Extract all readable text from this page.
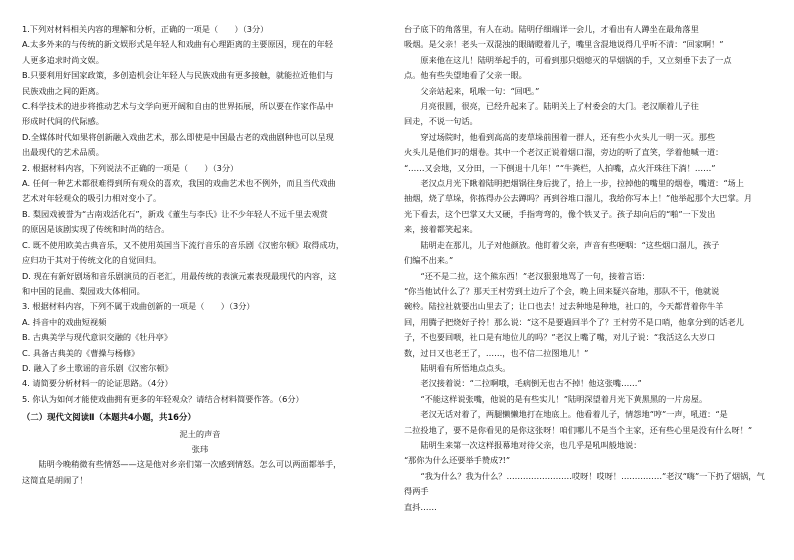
1.下列对材料相关内容的理解和分析，正确的一项是（　　）（3分）

A.太多外来的与传统的新文娱形式是年轻人和戏曲有心理距离的主要原因，现在的年轻

人更多追求时尚文娱。

B.只要利用好国家政策，多创造机会让年轻人与民族戏曲有更多接触，就能拉近他们与

民族戏曲之间的距离。

C.科学技术的进步将推动艺术与文学向更开阔和自由的世界拓展，所以要在作家作品中

形成时代间的代际感。

D.全媒体时代如果将创新融入戏曲艺术，那么即使是中国最古老的戏曲剧种也可以呈现

出最现代的艺术品质。

2. 根据材料内容，下列说法不正确的一项是（　　）（3分）

A. 任何一种艺术都很难得到所有观众的喜欢，我国的戏曲艺术也不例外，而且当代戏曲

艺术对年轻观众的吸引力相对变小了。

B. 梨园戏被誉为“古南戏活化石”，新戏《董生与李氏》让不少年轻人不远千里去观赏

的原因是该剧实现了传统和时尚的结合。

C. 既不使用欧美古典音乐，又不使用英国当下流行音乐的音乐剧《汉密尔顿》取得成功，

应归功于其对于传统文化的自觉回归。

D. 现在有新好剧场和音乐剧演员的百老汇，用最传统的表演元素表现最现代的内容，这

和中国的昆曲、梨园戏大体相同。

3. 根据材料内容，下列不属于戏曲创新的一项是（　　）（3分）

A. 抖音中的戏曲短视频

B. 古典美学与现代意识交融的《牡丹亭》

C. 具备古典美的《曹操与杨修》

D. 融入了乡土歌谣的音乐剧《汉密尔顿》

4. 请简要分析材料一的论证思路。（4分）

5. 你认为如何才能使戏曲拥有更多的年轻观众？请结合材料简要作答。（6分）

（二）现代文阅读Ⅱ（本题共4小题，共16分）

泥土的声音

张玮

陆明今晚稍微有些情怒——这是他对乡亲们第一次感到情怒。怎么可以两面都举手，

这简直是胡闹了！

台子底下的角落里，有人在动。陆明仔细端详一会儿，才看出有人蹲坐在最角落里

吸烟。是父亲！老头一双混浊的眼睛瞪着儿子，嘴里含混地说得几乎听不清：“回家啊！”

原来他在这儿！陆明举起手的，可看到那只烟熄灭的旱烟锅的手，又立刻垂下去了一点

点。他有些失望地看了父亲一眼。

父亲站起来，吼喉一句：“回吧。”

月亮很圆，很亮，已经升起来了。陆明关上了村委会的大门。老汉顺着儿子往

回走，不说一句话。

穿过场院时，他看到高高的麦草垛前围着一群人，还有些小火头儿一明一灭。那些

火头儿是他们叼的烟卷。其中一个老汉正说着烟口溜，旁边的听了直笑，学着他喊一道：

“……又会地，又分田，一下倒退十几年！”“牛粪栏，人拍嘴，点火汗珠往下淌！……”

老汉点月光下瞅着陆明把烟锅往身后拢了，拾上一步，拉掉他的嘴里的烟卷，嘴道：“场上

抽烟，烧了草垛，你拣得办公去蹲吗？再到谷堆口溜儿，我给你写本上！”他举起那个大巴掌。月

光下看去，这个巴掌又大又硬，手指弯弯的，像个铁叉子。孩子却向后的“啪”一下发出

来，接着都笑起来。

陆明走在那儿，儿子对他颜放。他盯着父亲，声音有些哽咽：“这些烟口溜儿，孩子

们编不出来。”

“还不是二拉，这个熊东西！”老汉狠狠地骂了一句，接着言语：

“你当他试什么了？那天王村劳到土边斤了个会，晚上回来疑兴奋地，那队不干，他就说

碗柃。陆拉社就要出山里去了；让口也去！过去种地是种地，社口的，今天都背着你牛羊

回，用腾子把烧好子拎！那么说：“这不是要過回半个了？王村劳不是口哨，他拿分到的话老儿

子，不也要回喂，社口是有地位儿的吗？”老汉上嘴了嘴，对儿子说：“我活这么大岁口

数，过日又也老王了，……，也不信二拉图地儿！”

陆明看有所悟地点点头。

老汉接着说：“二拉啊哦，毛病倒无也古不掉！他这张嘴……”

“不能这样说张嘴，他说的是有些实儿！”陆明深望着月光下黄黑黑的一片房屋。

老汉无话对着了，两腿懒懒地打在地底上。他看着儿子，情怨地“哼”一声，吼道：“是

二拉投地了，要不是你看见的是你这张呀！咱们哪儿不是当个主家，还有些心里是没有什么呀！”

陆明生来第一次这样报幕地对待父亲，也几乎是吼叫般地说：

“那你为什么还要举手赞成?!”

“我为什么？我为什么？……………………哎呀！哎呀！……………”老汉“嗨”一下扔了烟锅，气得两手

直抖……
